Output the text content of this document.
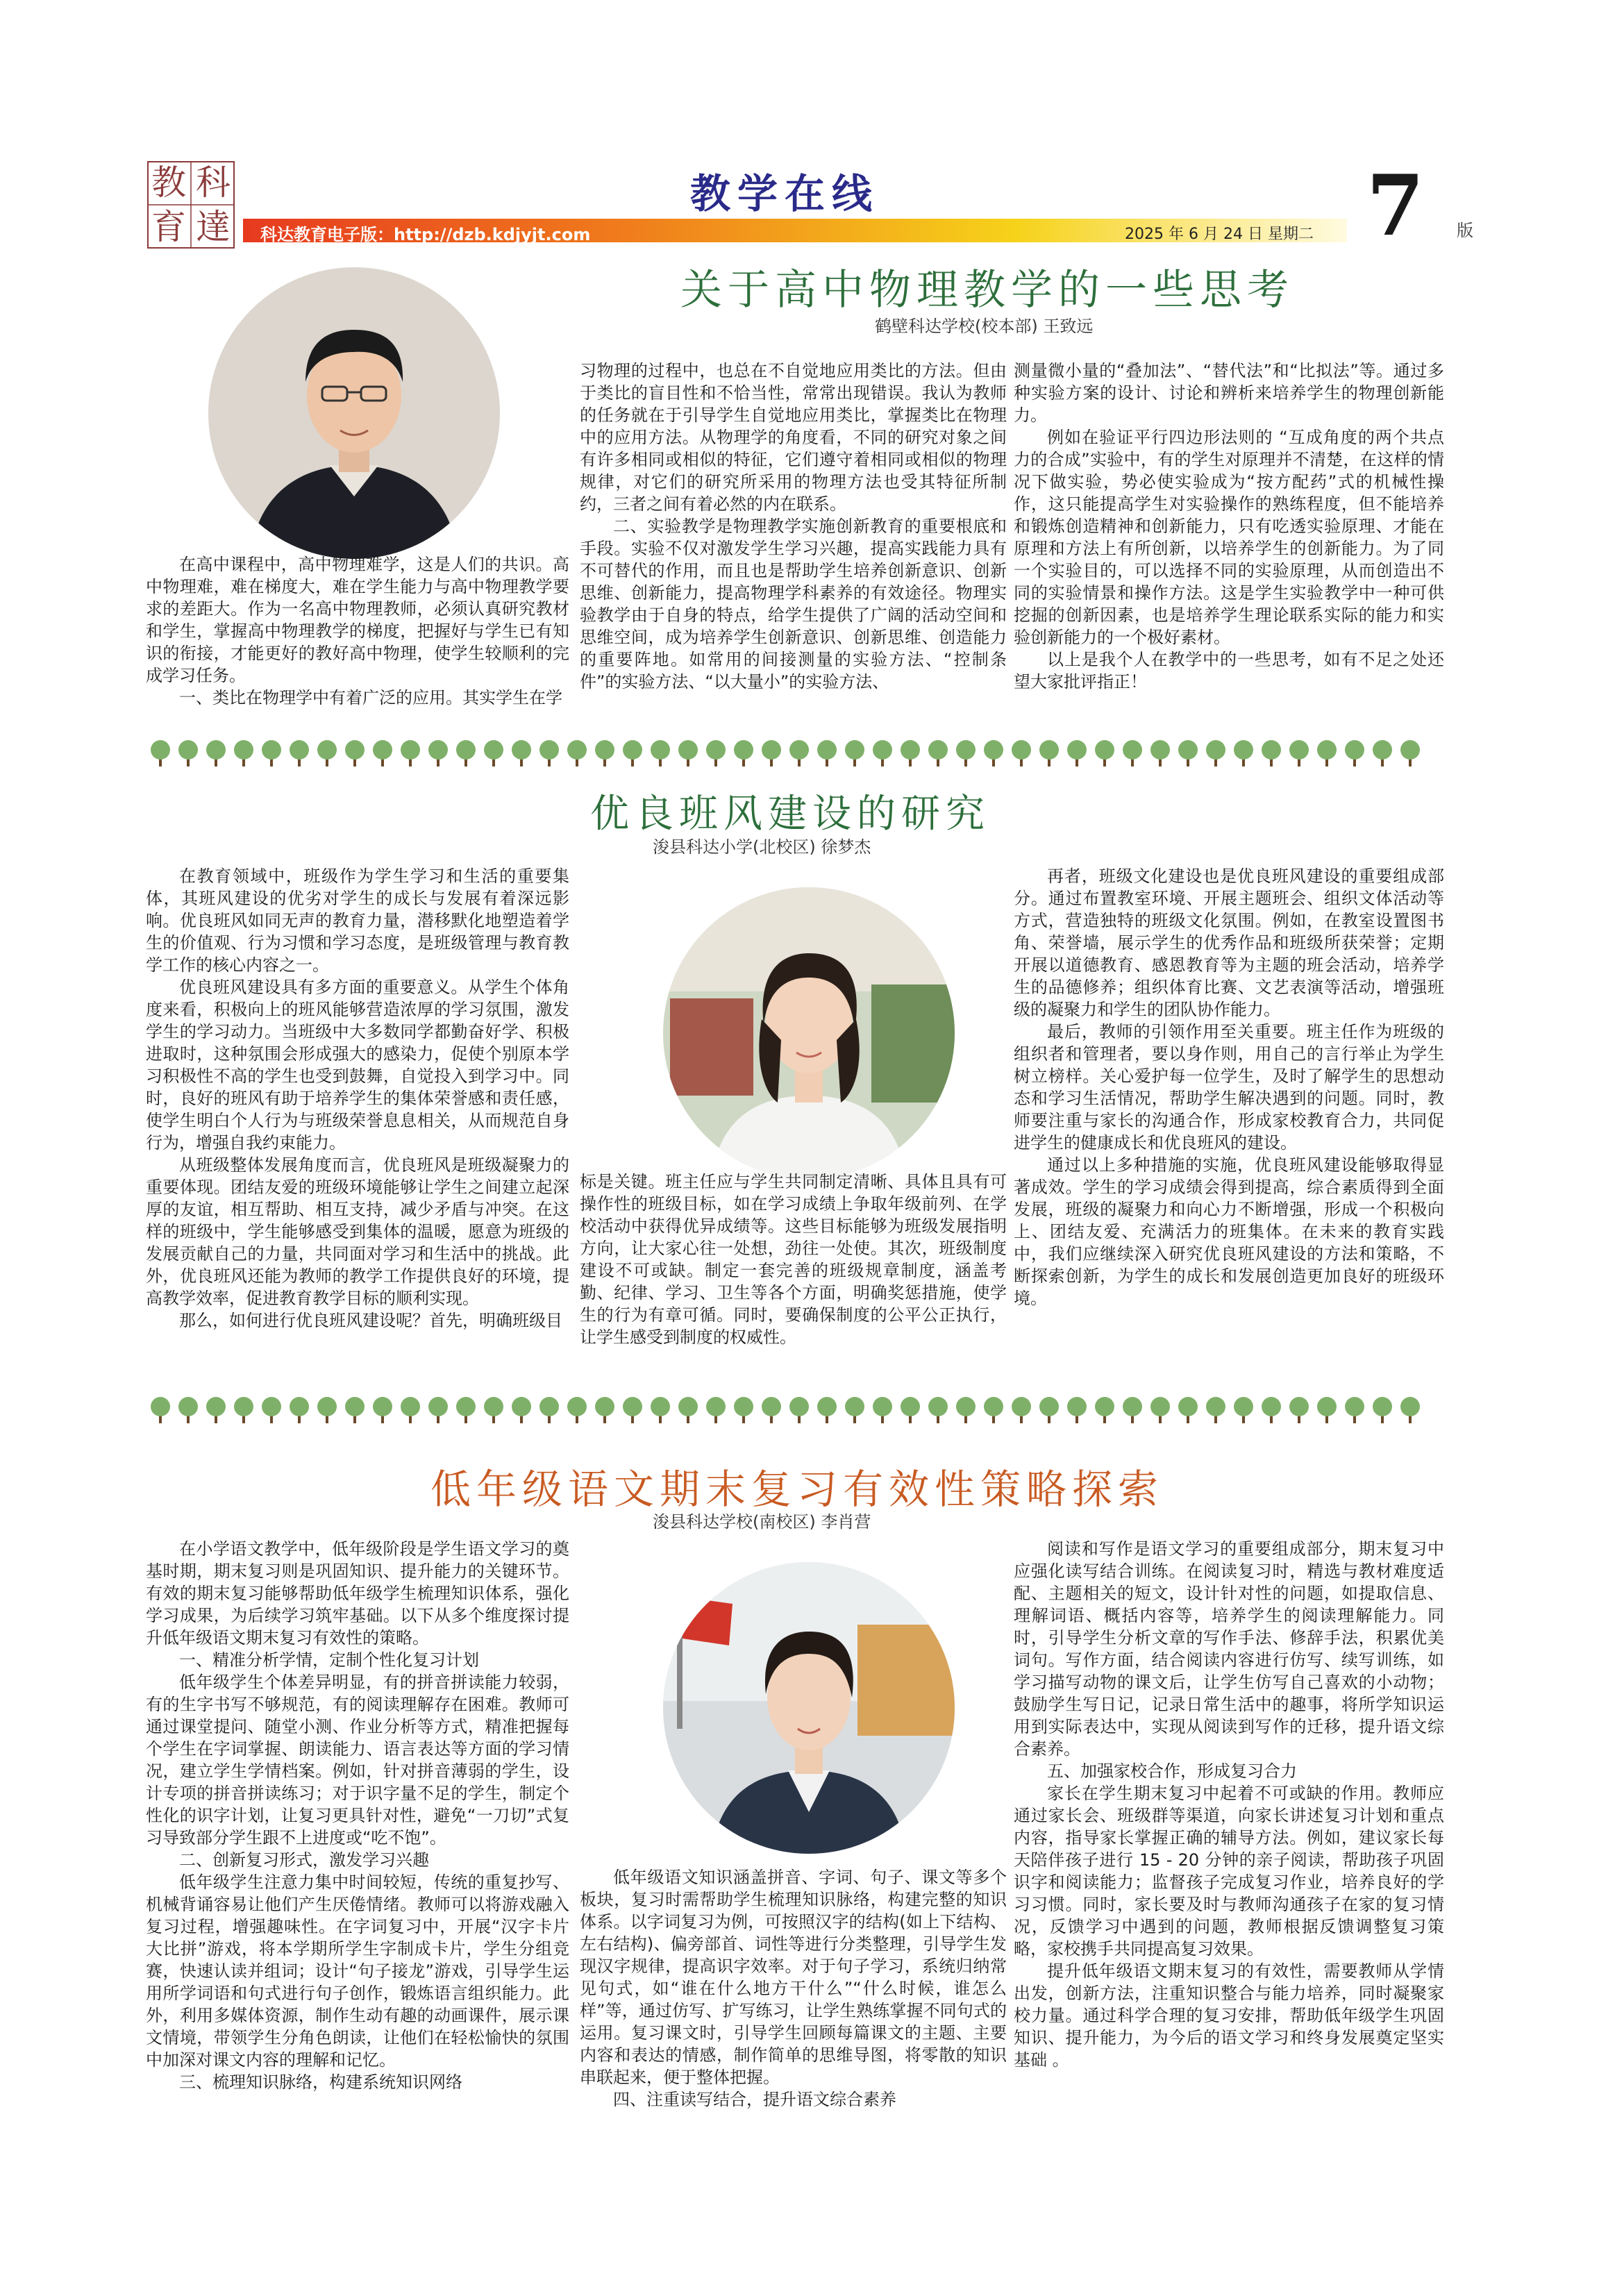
教 科
育 達
教学在线
科达教育电子版：http://dzb.kdjyjt.com	2025 年 6 月 24 日 星期二 7 版
关于高中物理教学的一些思考
鹤壁科达学校(校本部) 王致远

在高中课程中，高中物理难学，这是人们的共识。高中物理难，难在梯度大，难在学生能力与高中物理教学要求的差距大。作为一名高中物理教师，必须认真研究教材和学生，掌握高中物理教学的梯度，把握好与学生已有知识的衔接，才能更好的教好高中物理，使学生较顺利的完成学习任务。

一、类比在物理学中有着广泛的应用。其实学生在学

习物理的过程中，也总在不自觉地应用类比的方法。但由于类比的盲目性和不恰当性，常常出现错误。我认为教师的任务就在于引导学生自觉地应用类比，掌握类比在物理中的应用方法。从物理学的角度看，不同的研究对象之间有许多相同或相似的特征，它们遵守着相同或相似的物理规律，对它们的研究所采用的物理方法也受其特征所制约，三者之间有着必然的内在联系。

二、实验教学是物理教学实施创新教育的重要根底和手段。实验不仅对激发学生学习兴趣，提高实践能力具有不可替代的作用，而且也是帮助学生培养创新意识、创新思维、创新能力，提高物理学科素养的有效途径。物理实验教学由于自身的特点，给学生提供了广阔的活动空间和思维空间，成为培养学生创新意识、创新思维、创造能力的重要阵地。如常用的间接测量的实验方法、“控制条件”的实验方法、“以大量小”的实验方法、

测量微小量的“叠加法”、“替代法”和“比拟法”等。通过多种实验方案的设计、讨论和辨析来培养学生的物理创新能力。

例如在验证平行四边形法则的 “互成角度的两个共点力的合成”实验中，有的学生对原理并不清楚，在这样的情况下做实验，势必使实验成为“按方配药”式的机械性操作，这只能提高学生对实验操作的熟练程度，但不能培养和锻炼创造精神和创新能力，只有吃透实验原理、才能在原理和方法上有所创新，以培养学生的创新能力。为了同一个实验目的，可以选择不同的实验原理，从而创造出不同的实验情景和操作方法。这是学生实验教学中一种可供挖掘的创新因素，也是培养学生理论联系实际的能力和实验创新能力的一个极好素材。

以上是我个人在教学中的一些思考，如有不足之处还望大家批评指正！

优良班风建设的研究
浚县科达小学(北校区) 徐梦杰

在教育领域中，班级作为学生学习和生活的重要集体，其班风建设的优劣对学生的成长与发展有着深远影响。优良班风如同无声的教育力量，潜移默化地塑造着学生的价值观、行为习惯和学习态度，是班级管理与教育教学工作的核心内容之一。

优良班风建设具有多方面的重要意义。从学生个体角度来看，积极向上的班风能够营造浓厚的学习氛围，激发学生的学习动力。当班级中大多数同学都勤奋好学、积极进取时，这种氛围会形成强大的感染力，促使个别原本学习积极性不高的学生也受到鼓舞，自觉投入到学习中。同时，良好的班风有助于培养学生的集体荣誉感和责任感，使学生明白个人行为与班级荣誉息息相关，从而规范自身行为，增强自我约束能力。

从班级整体发展角度而言，优良班风是班级凝聚力的重要体现。团结友爱的班级环境能够让学生之间建立起深厚的友谊，相互帮助、相互支持，减少矛盾与冲突。在这样的班级中，学生能够感受到集体的温暖，愿意为班级的发展贡献自己的力量，共同面对学习和生活中的挑战。此外，优良班风还能为教师的教学工作提供良好的环境，提高教学效率，促进教育教学目标的顺利实现。

那么，如何进行优良班风建设呢？首先，明确班级目

标是关键。班主任应与学生共同制定清晰、具体且具有可操作性的班级目标，如在学习成绩上争取年级前列、在学校活动中获得优异成绩等。这些目标能够为班级发展指明方向，让大家心往一处想，劲往一处使。其次，班级制度建设不可或缺。制定一套完善的班级规章制度，涵盖考勤、纪律、学习、卫生等各个方面，明确奖惩措施，使学生的行为有章可循。同时，要确保制度的公平公正执行，让学生感受到制度的权威性。

再者，班级文化建设也是优良班风建设的重要组成部分。通过布置教室环境、开展主题班会、组织文体活动等方式，营造独特的班级文化氛围。例如，在教室设置图书角、荣誉墙，展示学生的优秀作品和班级所获荣誉；定期开展以道德教育、感恩教育等为主题的班会活动，培养学生的品德修养；组织体育比赛、文艺表演等活动，增强班级的凝聚力和学生的团队协作能力。

最后，教师的引领作用至关重要。班主任作为班级的组织者和管理者，要以身作则，用自己的言行举止为学生树立榜样。关心爱护每一位学生，及时了解学生的思想动态和学习生活情况，帮助学生解决遇到的问题。同时，教师要注重与家长的沟通合作，形成家校教育合力，共同促进学生的健康成长和优良班风的建设。

通过以上多种措施的实施，优良班风建设能够取得显著成效。学生的学习成绩会得到提高，综合素质得到全面发展，班级的凝聚力和向心力不断增强，形成一个积极向上、团结友爱、充满活力的班集体。在未来的教育实践中，我们应继续深入研究优良班风建设的方法和策略，不断探索创新，为学生的成长和发展创造更加良好的班级环境。

低年级语文期末复习有效性策略探索
浚县科达学校(南校区) 李肖营

在小学语文教学中，低年级阶段是学生语文学习的奠基时期，期末复习则是巩固知识、提升能力的关键环节。有效的期末复习能够帮助低年级学生梳理知识体系，强化学习成果，为后续学习筑牢基础。以下从多个维度探讨提升低年级语文期末复习有效性的策略。

一、精准分析学情，定制个性化复习计划

低年级学生个体差异明显，有的拼音拼读能力较弱，有的生字书写不够规范，有的阅读理解存在困难。教师可通过课堂提问、随堂小测、作业分析等方式，精准把握每个学生在字词掌握、朗读能力、语言表达等方面的学习情况，建立学生学情档案。例如，针对拼音薄弱的学生，设计专项的拼音拼读练习；对于识字量不足的学生，制定个性化的识字计划，让复习更具针对性，避免“一刀切”式复习导致部分学生跟不上进度或“吃不饱”。

二、创新复习形式，激发学习兴趣

低年级学生注意力集中时间较短，传统的重复抄写、机械背诵容易让他们产生厌倦情绪。教师可以将游戏融入复习过程，增强趣味性。在字词复习中，开展“汉字卡片大比拼”游戏，将本学期所学生字制成卡片，学生分组竞赛，快速认读并组词；设计“句子接龙”游戏，引导学生运用所学词语和句式进行句子创作，锻炼语言组织能力。此外，利用多媒体资源，制作生动有趣的动画课件，展示课文情境，带领学生分角色朗读，让他们在轻松愉快的氛围中加深对课文内容的理解和记忆。

三、梳理知识脉络，构建系统知识网络

低年级语文知识涵盖拼音、字词、句子、课文等多个板块，复习时需帮助学生梳理知识脉络，构建完整的知识体系。以字词复习为例，可按照汉字的结构(如上下结构、左右结构)、偏旁部首、词性等进行分类整理，引导学生发现汉字规律，提高识字效率。对于句子学习，系统归纳常见句式，如“谁在什么地方干什么”“什么时候，谁怎么样”等，通过仿写、扩写练习，让学生熟练掌握不同句式的运用。复习课文时，引导学生回顾每篇课文的主题、主要内容和表达的情感，制作简单的思维导图，将零散的知识串联起来，便于整体把握。

四、注重读写结合，提升语文综合素养

阅读和写作是语文学习的重要组成部分，期末复习中应强化读写结合训练。在阅读复习时，精选与教材难度适配、主题相关的短文，设计针对性的问题，如提取信息、理解词语、概括内容等，培养学生的阅读理解能力。同时，引导学生分析文章的写作手法、修辞手法，积累优美词句。写作方面，结合阅读内容进行仿写、续写训练，如学习描写动物的课文后，让学生仿写自己喜欢的小动物；鼓励学生写日记，记录日常生活中的趣事，将所学知识运用到实际表达中，实现从阅读到写作的迁移，提升语文综合素养。

五、加强家校合作，形成复习合力

家长在学生期末复习中起着不可或缺的作用。教师应通过家长会、班级群等渠道，向家长讲述复习计划和重点内容，指导家长掌握正确的辅导方法。例如，建议家长每天陪伴孩子进行 15 - 20 分钟的亲子阅读，帮助孩子巩固识字和阅读能力；监督孩子完成复习作业，培养良好的学习习惯。同时，家长要及时与教师沟通孩子在家的复习情况，反馈学习中遇到的问题，教师根据反馈调整复习策略，家校携手共同提高复习效果。

提升低年级语文期末复习的有效性，需要教师从学情出发，创新方法，注重知识整合与能力培养，同时凝聚家校力量。通过科学合理的复习安排，帮助低年级学生巩固知识、提升能力，为今后的语文学习和终身发展奠定坚实基础 。
